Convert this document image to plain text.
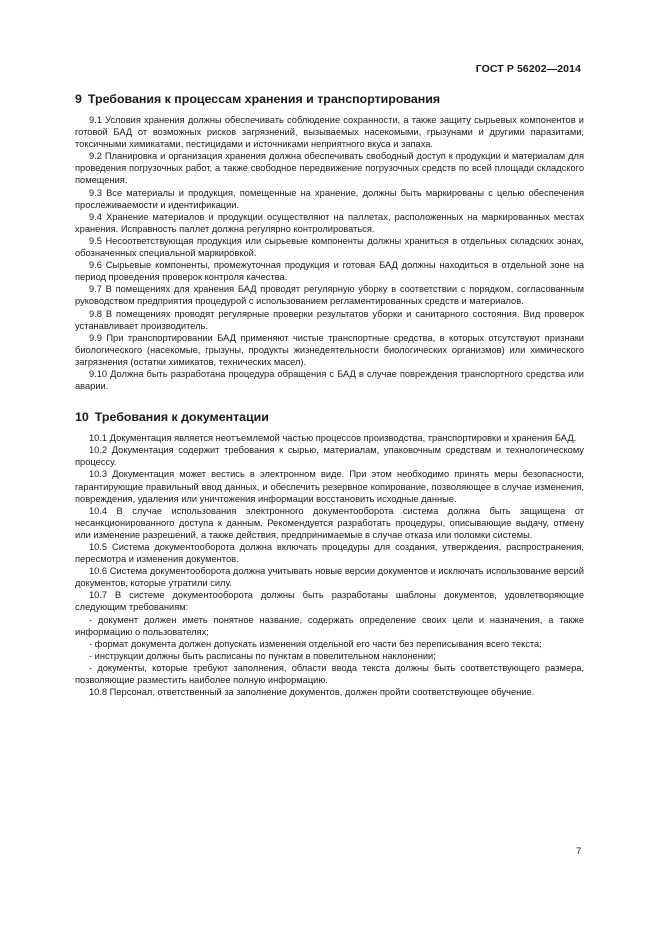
ГОСТ Р 56202—2014
9 Требования к процессам хранения и транспортирования

9.1 Условия хранения должны обеспечивать соблюдение сохранности, а также защиту сырьевых компонентов и готовой БАД от возможных рисков загрязнений, вызываемых насекомыми, грызунами и другими паразитами, токсичными химикатами, пестицидами и источниками неприятного вкуса и запаха.

9.2 Планировка и организация хранения должна обеспечивать свободный доступ к продукции и материалам для проведения погрузочных работ, а также свободное передвижение погрузочных средств по всей площади складского помещения.

9.3 Все материалы и продукция, помещенные на хранение, должны быть маркированы с целью обеспечения прослеживаемости и идентификации.

9.4 Хранение материалов и продукции осуществляют на паллетах, расположенных на маркированных местах хранения. Исправность паллет должна регулярно контролироваться.

9.5 Несоответствующая продукция или сырьевые компоненты должны храниться в отдельных складских зонах, обозначенных специальной маркировкой.

9.6 Сырьевые компоненты, промежуточная продукция и готовая БАД должны находиться в отдельной зоне на период проведения проверок контроля качества.

9.7 В помещениях для хранения БАД проводят регулярную уборку в соответствии с порядком, согласованным руководством предприятия процедурой с использованием регламентированных средств и материалов.

9.8 В помещениях проводят регулярные проверки результатов уборки и санитарного состояния. Вид проверок устанавливает производитель.

9.9 При транспортировании БАД применяют чистые транспортные средства, в которых отсутствуют признаки биологического (насекомые, грызуны, продукты жизнедеятельности биологических организмов) или химического загрязнения (остатки химикатов, технических масел).

9.10 Должна быть разработана процедура обращения с БАД в случае повреждения транспортного средства или аварии.

10 Требования к документации

10.1 Документация является неотъемлемой частью процессов производства, транспортировки и хранения БАД.

10.2 Документация содержит требования к сырью, материалам, упаковочным средствам и технологическому процессу.

10.3 Документация может вестись в электронном виде. При этом необходимо принять меры безопасности, гарантирующие правильный ввод данных, и обеспечить резервное копирование, позволяющее в случае изменения, повреждения, удаления или уничтожения информации восстановить исходные данные.

10.4 В случае использования электронного документооборота система должна быть защищена от несанкционированного доступа к данным. Рекомендуется разработать процедуры, описывающие выдачу, отмену или изменение разрешений, а также действия, предпринимаемые в случае отказа или поломки системы.

10.5 Система документооборота должна включать процедуры для создания, утверждения, распространения, пересмотра и изменения документов.

10.6 Система документооборота должна учитывать новые версии документов и исключать использование версий документов, которые утратили силу.

10.7 В системе документооборота должны быть разработаны шаблоны документов, удовлетворяющие следующим требованиям:

- документ должен иметь понятное название, содержать определение своих цели и назначения, а также информацию о пользователях;

- формат документа должен допускать изменения отдельной его части без переписывания всего текста;

- инструкции должны быть расписаны по пунктам в повелительном наклонении;

- документы, которые требуют заполнения, области ввода текста должны быть соответствующего размера, позволяющие разместить наиболее полную информацию.

10.8 Персонал, ответственный за заполнение документов, должен пройти соответствующее обучение.

7
